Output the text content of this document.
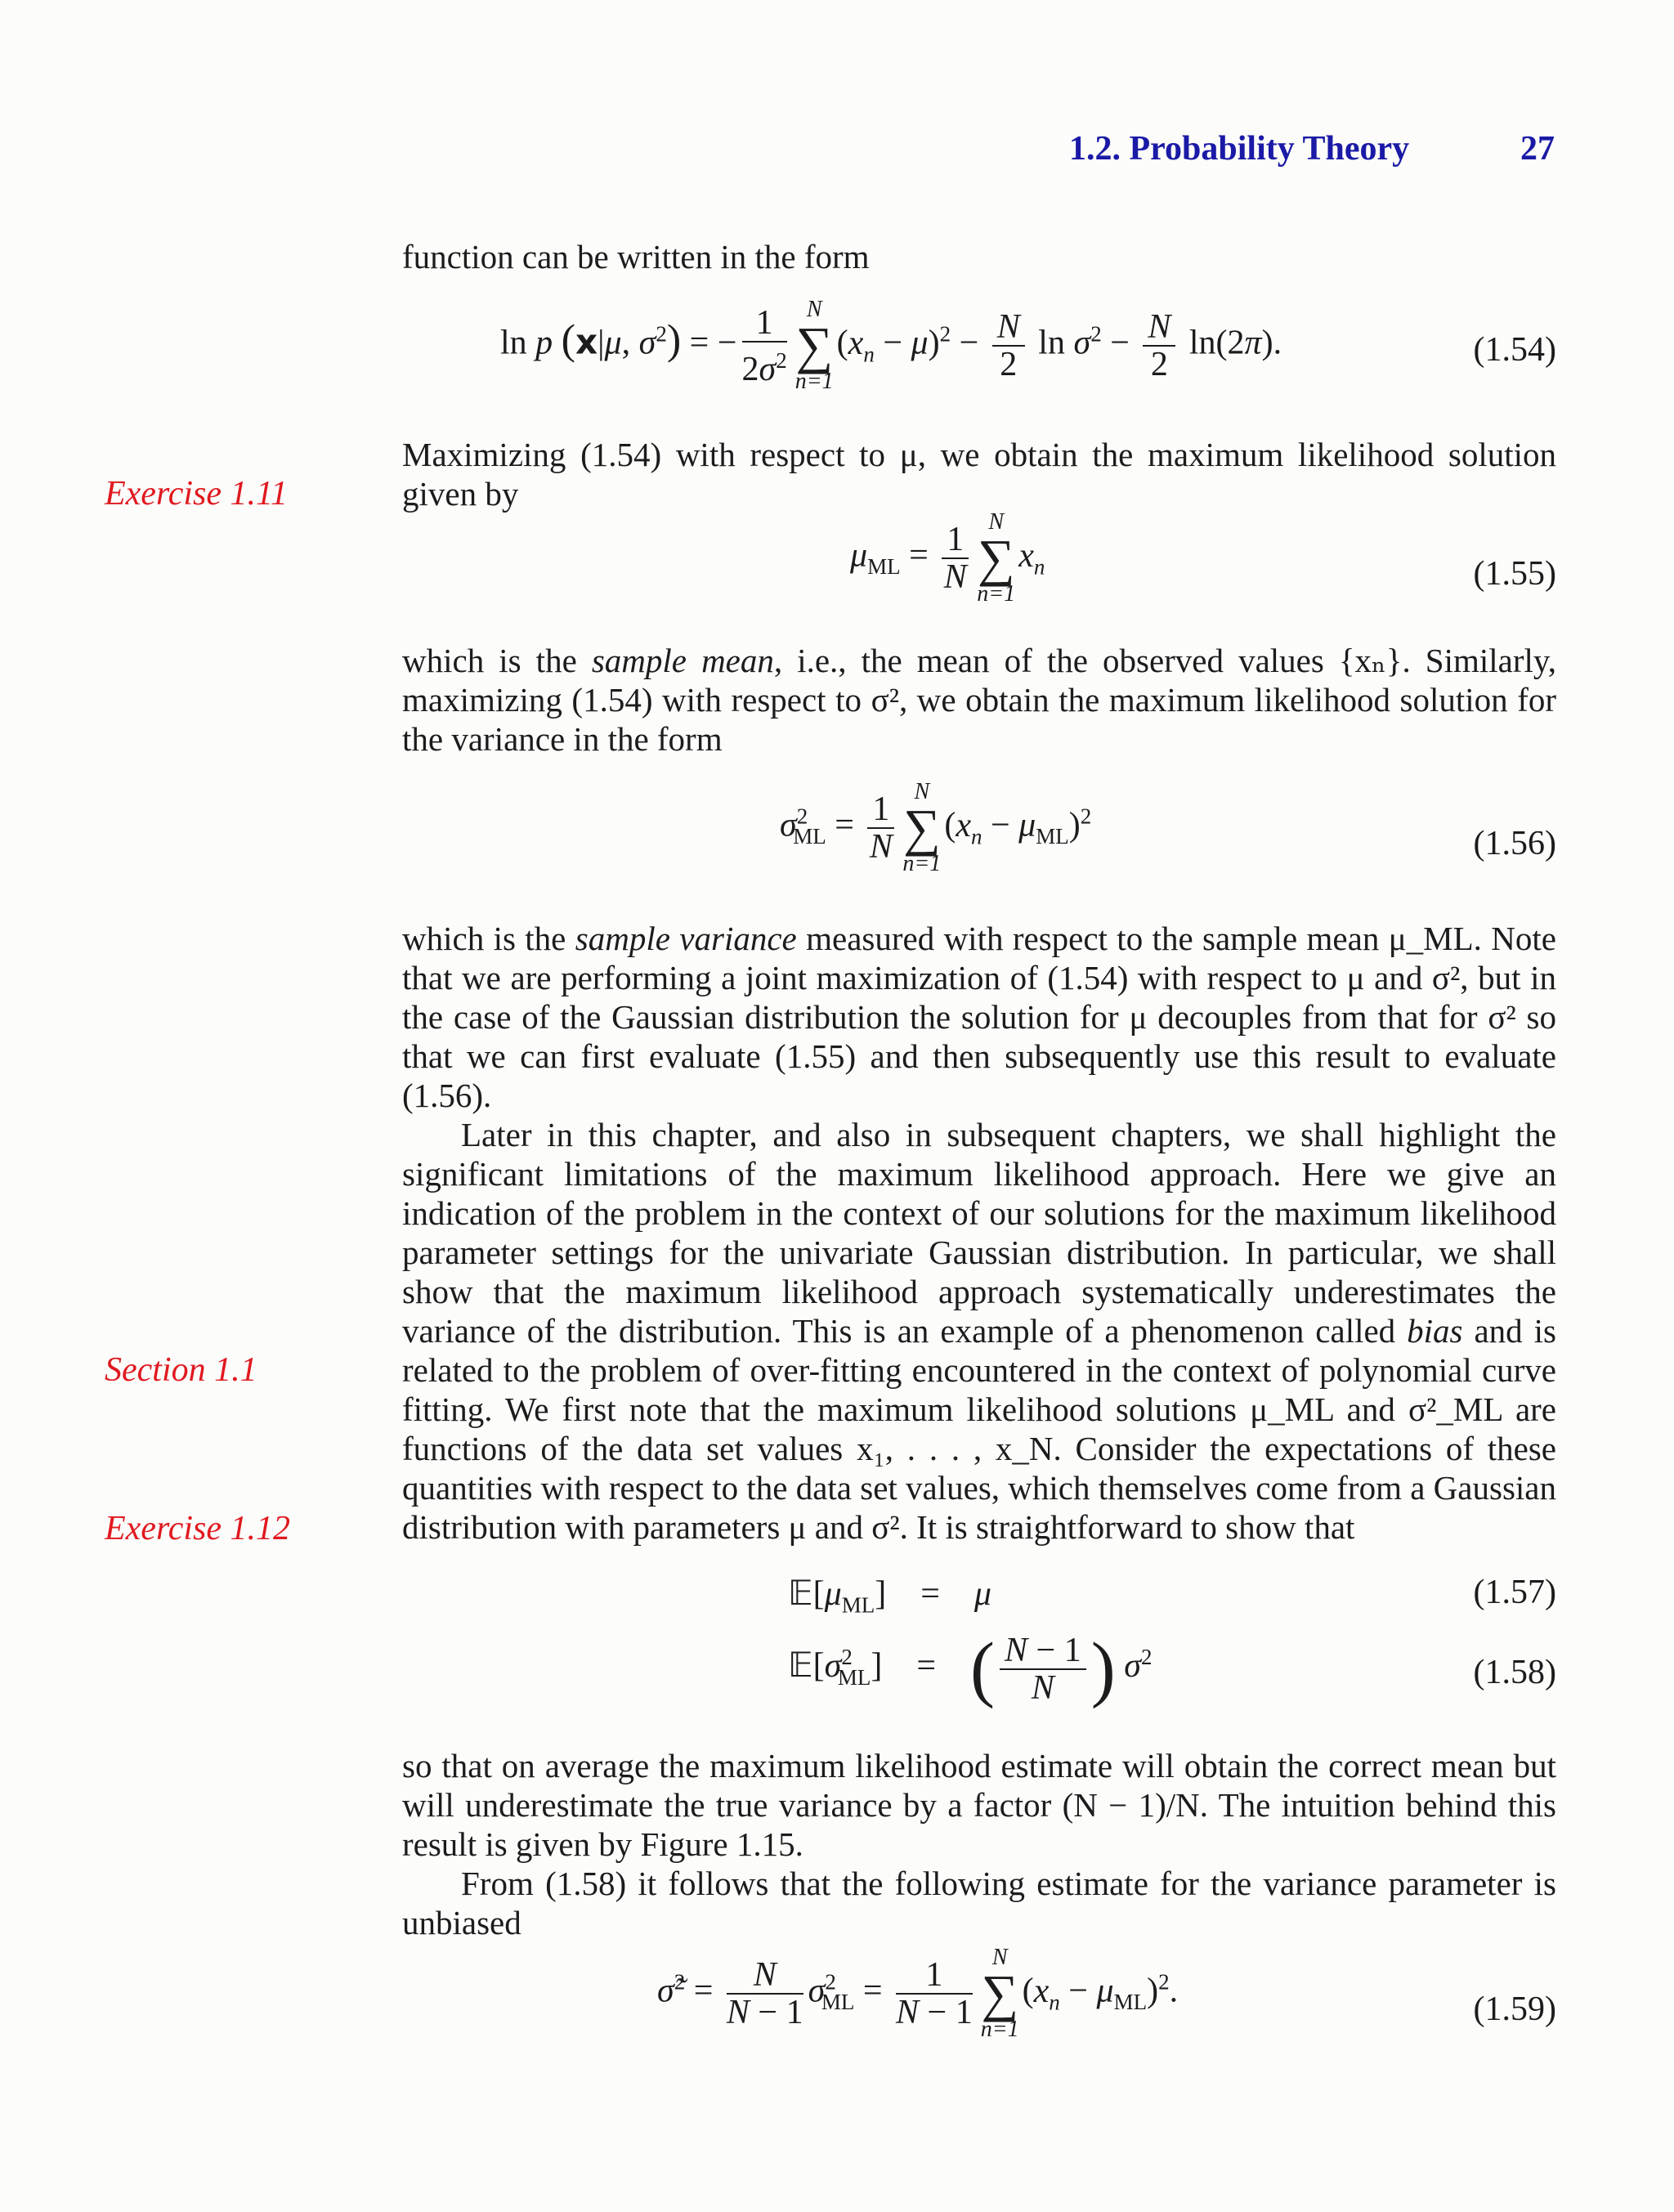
1.2. Probability Theory	27
Exercise 1.11
Section 1.1
Exercise 1.12
function can be written in the form
ln p (x|μ, $\sigma^2$) = − $\frac{1}{2\sigma^2}$ N
∑
n=1
$(x_n - \mu)^2 - \frac{N}{2}$ $\ln \sigma^2 - \frac{N}{2} \ln(2\pi)$.	(1.54)
Maximizing (1.54) with respect to μ, we obtain the maximum likelihood solution given by
$\mu_{ML} = \frac{1}{N}$ N
∑
n=1
$x_n$	(1.55)
which is the sample mean, i.e., the mean of the observed values {xₙ}. Similarly, maximizing (1.54) with respect to σ², we obtain the maximum likelihood solution for the variance in the form
$\sigma^2_{ML} = \frac{1}{N}$ N
∑
n=1
$(x_n - \mu_{ML})^2$
(1.56)
which is the sample variance measured with respect to the sample mean μ_ML. Note that we are performing a joint maximization of (1.54) with respect to μ and σ², but in the case of the Gaussian distribution the solution for μ decouples from that for σ² so that we can first evaluate (1.55) and then subsequently use this result to evaluate (1.56).
Later in this chapter, and also in subsequent chapters, we shall highlight the significant limitations of the maximum likelihood approach. Here we give an indication of the problem in the context of our solutions for the maximum likelihood parameter settings for the univariate Gaussian distribution. In particular, we shall show that the maximum likelihood approach systematically underestimates the variance of the distribution. This is an example of a phenomenon called bias and is related to the problem of over-fitting encountered in the context of polynomial curve fitting. We first note that the maximum likelihood solutions μ_ML and σ²_ML are functions of the data set values x₁, . . . , x_N. Consider the expectations of these quantities with respect to the data set values, which themselves come from a Gaussian distribution with parameters μ and σ². It is straightforward to show that
$𝔼[\mu_{ML}]$    =    μ	(1.57)
$𝔼[\sigma^2_{ML}]$    =    ( $\frac{N - 1}{N}$ ) $\sigma^2$	(1.58)
so that on average the maximum likelihood estimate will obtain the correct mean but will underestimate the true variance by a factor (N − 1)/N. The intuition behind this result is given by Figure 1.15.
From (1.58) it follows that the following estimate for the variance parameter is unbiased
σ̃$^2$ = $\frac{N}{N - 1} \sigma^2_{ML} = \frac{1}{N - 1}$ N
∑
n=1
$(x_n - \mu_{ML})^2$.	(1.59)
